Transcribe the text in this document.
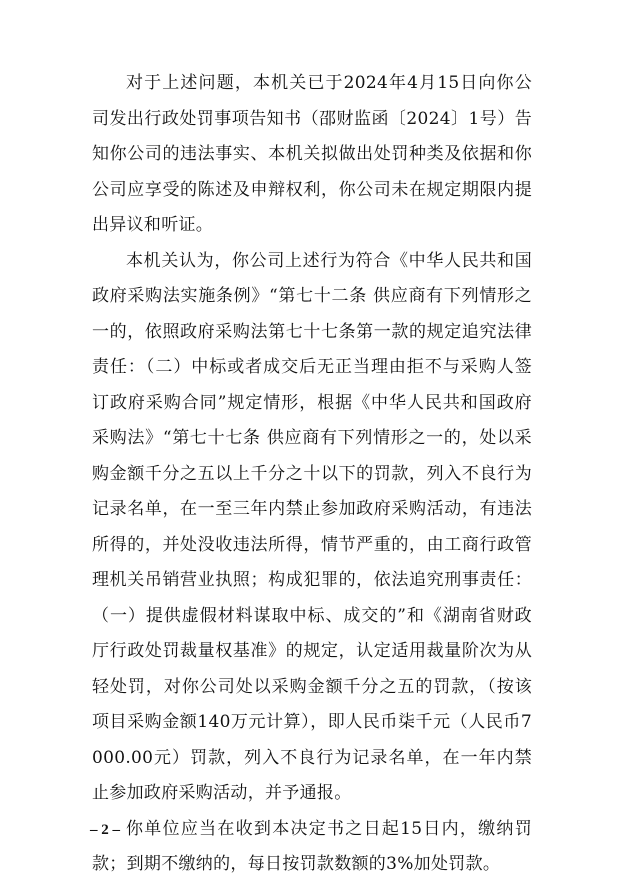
对于上述问题，本机关已于2024年4月15日向你公司发出行政处罚事项告知书（邵财监函〔2024〕1号）告知你公司的违法事实、本机关拟做出处罚种类及依据和你公司应享受的陈述及申辩权利，你公司未在规定期限内提出异议和听证。

本机关认为，你公司上述行为符合《中华人民共和国政府采购法实施条例》“第七十二条 供应商有下列情形之一的，依照政府采购法第七十七条第一款的规定追究法律责任：（二）中标或者成交后无正当理由拒不与采购人签订政府采购合同”规定情形，根据《中华人民共和国政府采购法》“第七十七条 供应商有下列情形之一的，处以采购金额千分之五以上千分之十以下的罚款，列入不良行为记录名单，在一至三年内禁止参加政府采购活动，有违法所得的，并处没收违法所得，情节严重的，由工商行政管理机关吊销营业执照；构成犯罪的，依法追究刑事责任：（一）提供虚假材料谋取中标、成交的”和《湖南省财政厅行政处罚裁量权基准》的规定，认定适用裁量阶次为从轻处罚，对你公司处以采购金额千分之五的罚款，（按该项目采购金额140万元计算），即人民币柒千元（人民币7000.00元）罚款，列入不良行为记录名单，在一年内禁止参加政府采购活动，并予通报。

你单位应当在收到本决定书之日起15日内，缴纳罚款；到期不缴纳的，每日按罚款数额的3%加处罚款。

– 2 –
